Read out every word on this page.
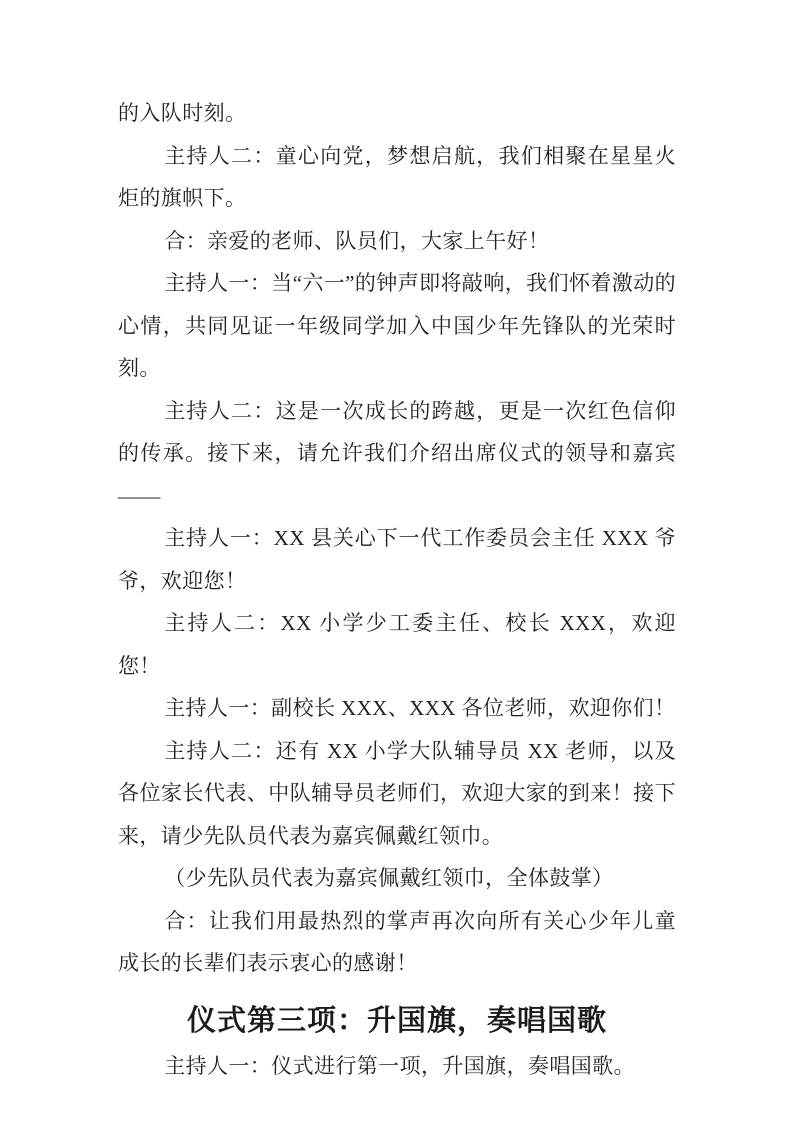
的入队时刻。

主持人二：童心向党，梦想启航，我们相聚在星星火炬的旗帜下。

合：亲爱的老师、队员们，大家上午好！

主持人一：当“六一”的钟声即将敲响，我们怀着激动的心情，共同见证一年级同学加入中国少年先锋队的光荣时刻。

主持人二：这是一次成长的跨越，更是一次红色信仰的传承。接下来，请允许我们介绍出席仪式的领导和嘉宾——

主持人一：XX 县关心下一代工作委员会主任 XXX 爷爷，欢迎您！

主持人二：XX 小学少工委主任、校长 XXX，欢迎您！

主持人一：副校长 XXX、XXX 各位老师，欢迎你们！

主持人二：还有 XX 小学大队辅导员 XX 老师，以及各位家长代表、中队辅导员老师们，欢迎大家的到来！接下来，请少先队员代表为嘉宾佩戴红领巾。

（少先队员代表为嘉宾佩戴红领巾，全体鼓掌）

合：让我们用最热烈的掌声再次向所有关心少年儿童成长的长辈们表示衷心的感谢！

仪式第三项：升国旗，奏唱国歌

主持人一：仪式进行第一项，升国旗，奏唱国歌。
